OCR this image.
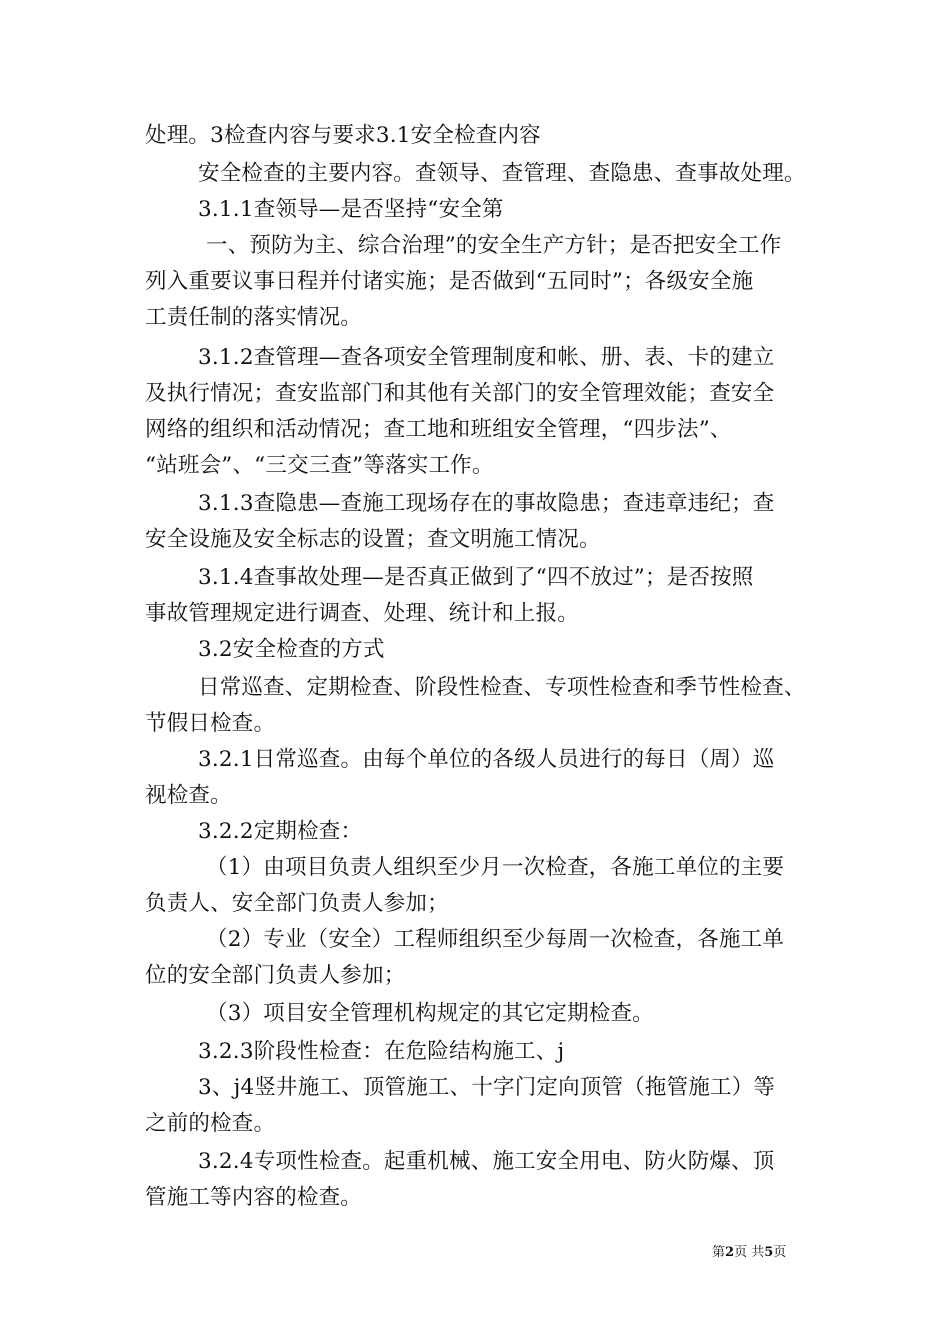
处理。3检查内容与要求3.1安全检查内容
安全检查的主要内容。查领导、查管理、查隐患、查事故处理。
3.1.1查领导—是否坚持“安全第
一、预防为主、综合治理”的安全生产方针；是否把安全工作
列入重要议事日程并付诸实施；是否做到“五同时”；各级安全施
工责任制的落实情况。
3.1.2查管理—查各项安全管理制度和帐、册、表、卡的建立
及执行情况；查安监部门和其他有关部门的安全管理效能；查安全
网络的组织和活动情况；查工地和班组安全管理，“四步法”、
“站班会”、“三交三查”等落实工作。
3.1.3查隐患—查施工现场存在的事故隐患；查违章违纪；查
安全设施及安全标志的设置；查文明施工情况。
3.1.4查事故处理—是否真正做到了“四不放过”；是否按照
事故管理规定进行调查、处理、统计和上报。
3.2安全检查的方式
日常巡查、定期检查、阶段性检查、专项性检查和季节性检查、
节假日检查。
3.2.1日常巡查。由每个单位的各级人员进行的每日（周）巡
视检查。
3.2.2定期检查：
（1）由项目负责人组织至少月一次检查，各施工单位的主要
负责人、安全部门负责人参加；
（2）专业（安全）工程师组织至少每周一次检查，各施工单
位的安全部门负责人参加；
（3）项目安全管理机构规定的其它定期检查。
3.2.3阶段性检查：在危险结构施工、j
3、j4竖井施工、顶管施工、十字门定向顶管（拖管施工）等
之前的检查。
3.2.4专项性检查。起重机械、施工安全用电、防火防爆、顶
管施工等内容的检查。
第2页 共5页
